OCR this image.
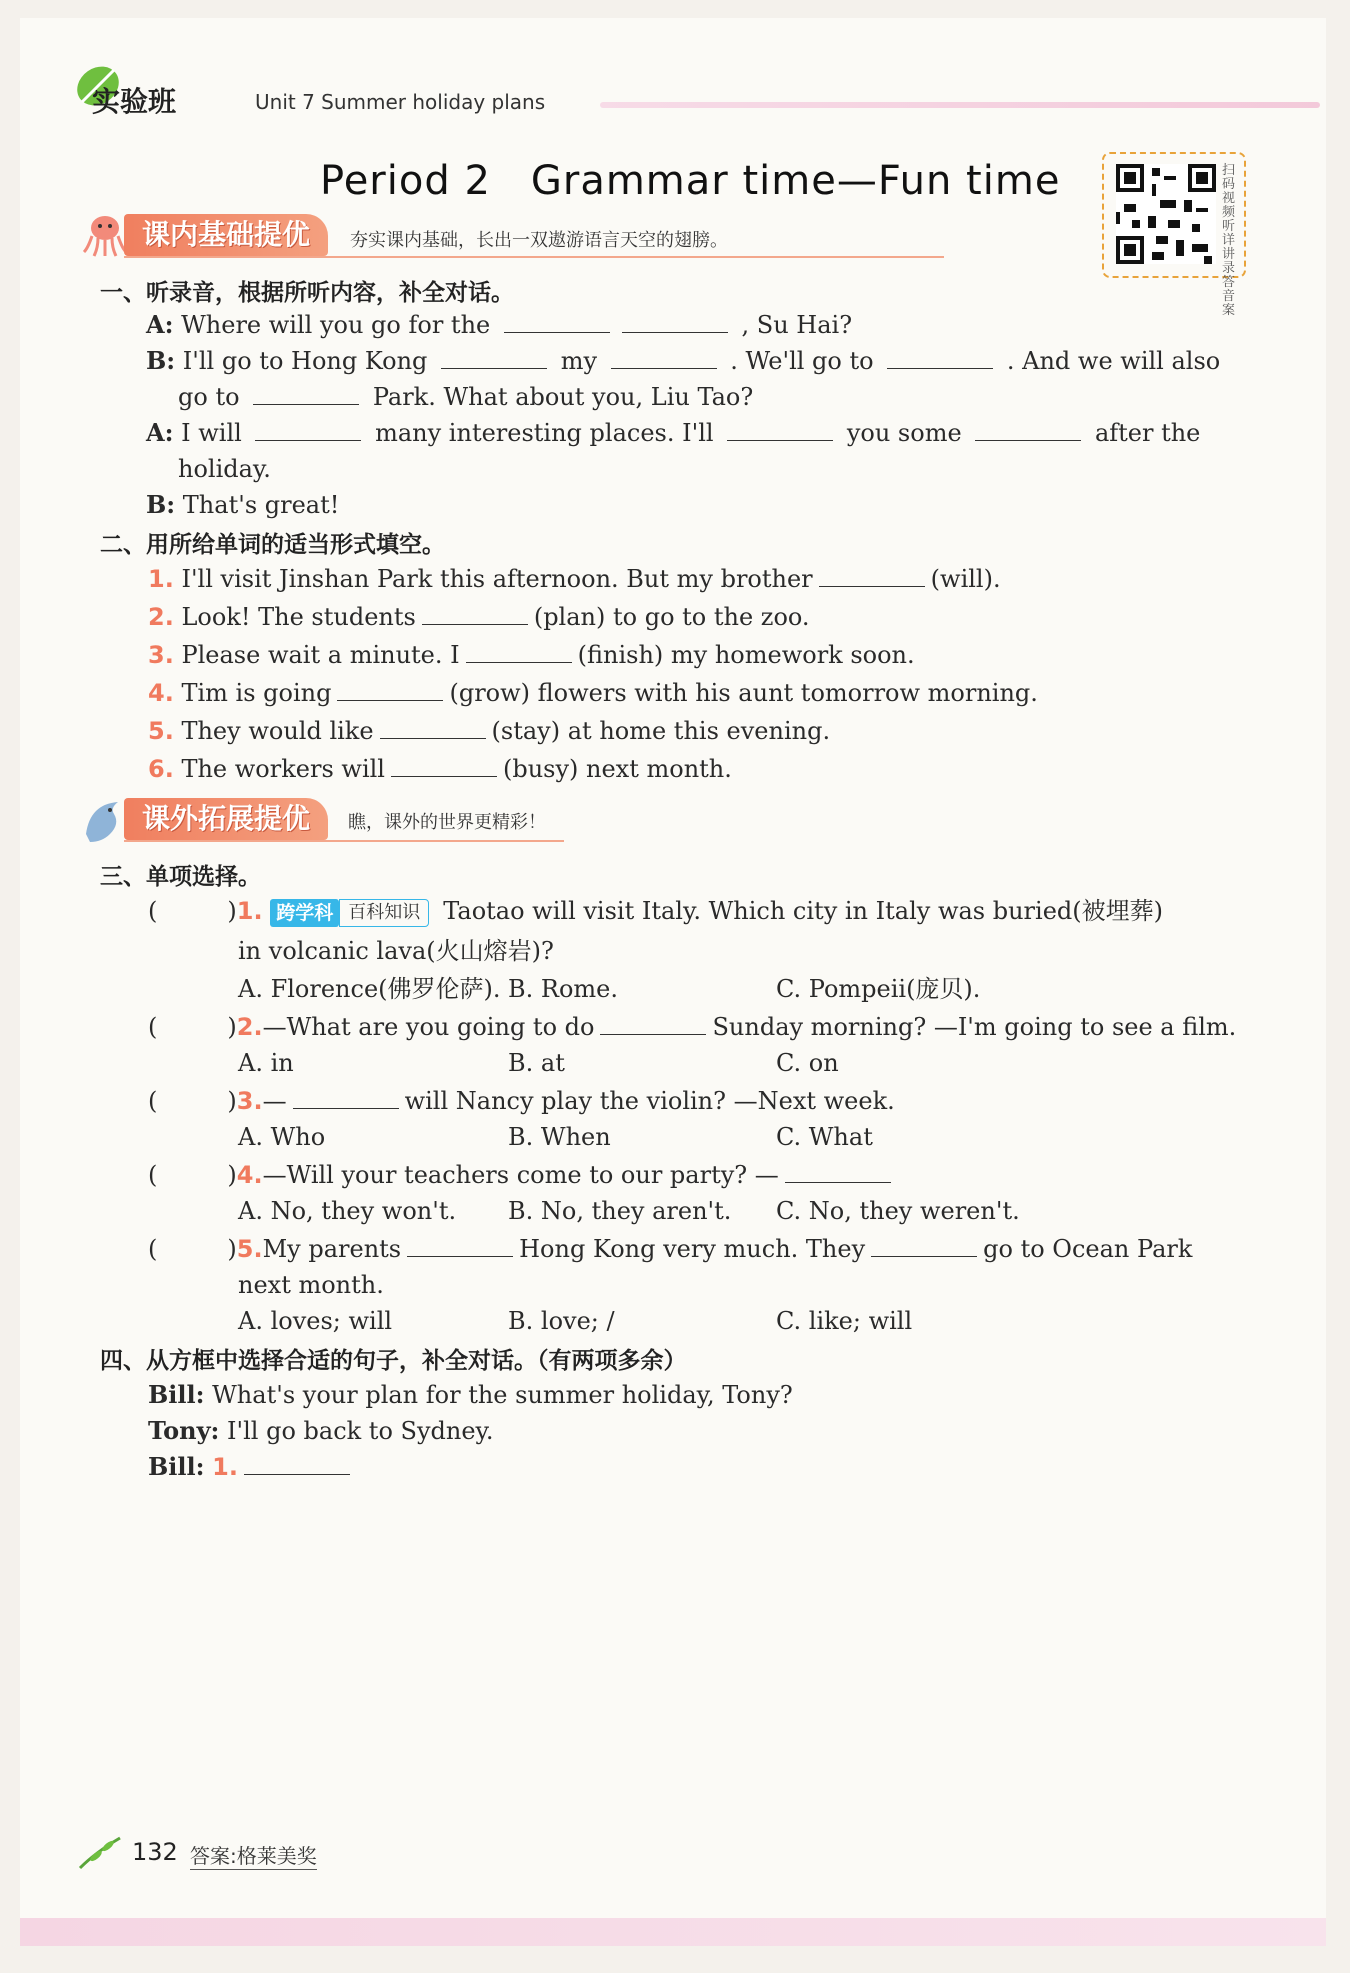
实验班	Unit 7 Summer holiday plans
Period 2 Grammar time—Fun time	扫码视频听详讲录答音案
课内基础提优	夯实课内基础，长出一双遨游语言天空的翅膀。
一、听录音，根据所听内容，补全对话。
A: Where will you go for the	, Su Hai?
B: I'll go to Hong Kong	my	. We'll go to	. And we will also
go to	Park. What about you, Liu Tao?
A: I will	many interesting places. I'll	you some	after the
holiday.
B: That's great!
二、用所给单词的适当形式填空。
1. I'll visit Jinshan Park this afternoon. But my brother	(will).
2. Look! The students	(plan) to go to the zoo.
3. Please wait a minute. I	(finish) my homework soon.
4. Tim is going	(grow) flowers with his aunt tomorrow morning.
5. They would like	(stay) at home this evening.
6. The workers will	(busy) next month.
课外拓展提优	瞧，课外的世界更精彩！
三、单项选择。
(	)1. 跨学科 百科知识 Taotao will visit Italy. Which city in Italy was buried(被埋葬)
in volcanic lava(火山熔岩)?
A. Florence(佛罗伦萨). B. Rome.	C. Pompeii(庞贝).
(	)2.—What are you going to do	Sunday morning? —I'm going to see a film.
A. in	B. at	C. on
(	)3.—	will Nancy play the violin? —Next week.
A. Who	B. When	C. What
(	)4.—Will your teachers come to our party? —
A. No, they won't. B. No, they aren't. C. No, they weren't.
(	)5.My parents	Hong Kong very much. They	go to Ocean Park
next month.
A. loves; will	B. love; /	C. like; will
四、从方框中选择合适的句子，补全对话。（有两项多余）
Bill: What's your plan for the summer holiday, Tony?
Tony: I'll go back to Sydney.
Bill: 1.
132 答案:格莱美奖
